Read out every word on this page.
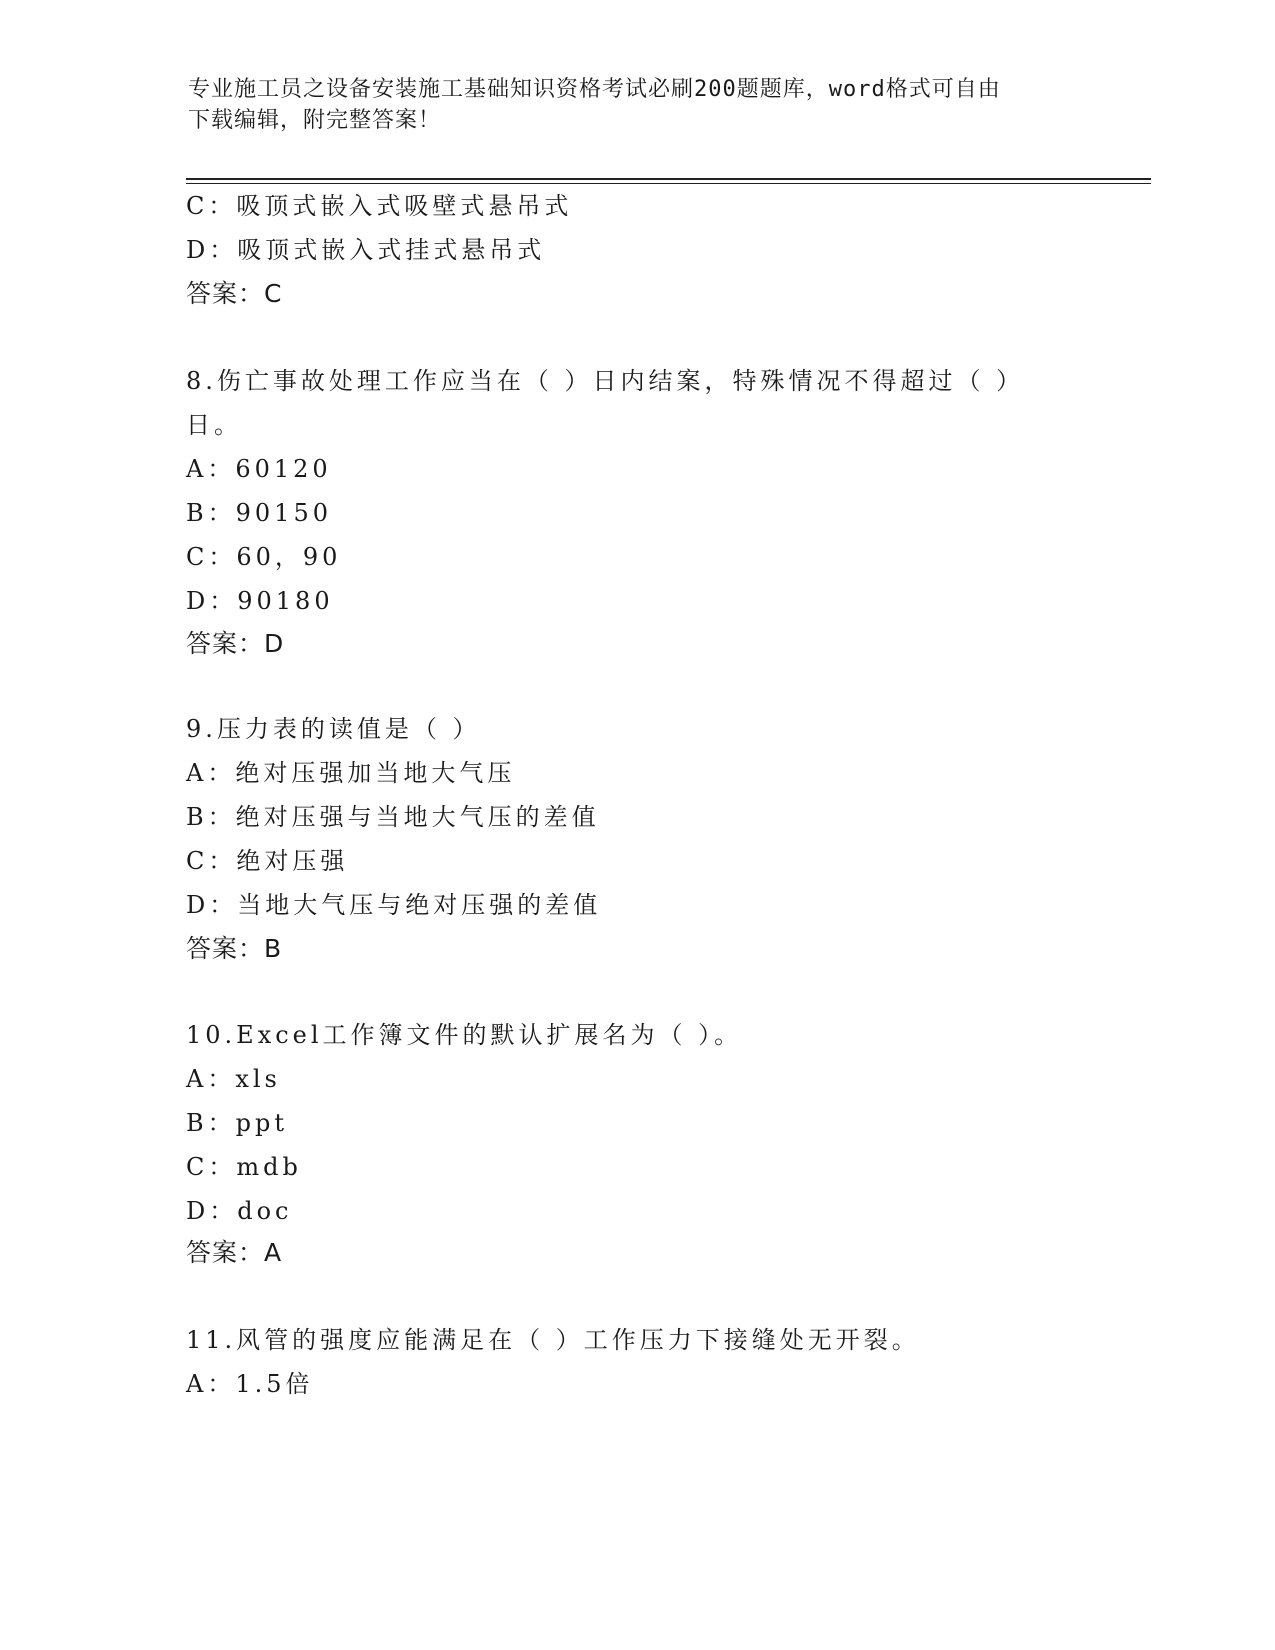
专业施工员之设备安装施工基础知识资格考试必刷200题题库，word格式可自由
下载编辑，附完整答案！
C：吸顶式嵌入式吸壁式悬吊式
D：吸顶式嵌入式挂式悬吊式
答案：C
8.伤亡事故处理工作应当在（ ）日内结案，特殊情况不得超过（ ）
日。
A：60120
B：90150
C：60，90
D：90180
答案：D
9.压力表的读值是（ ）
A：绝对压强加当地大气压
B：绝对压强与当地大气压的差值
C：绝对压强
D：当地大气压与绝对压强的差值
答案：B
10.Excel工作簿文件的默认扩展名为（ ）。
A：xls
B：ppt
C：mdb
D：doc
答案：A
11.风管的强度应能满足在（ ）工作压力下接缝处无开裂。
A：1.5倍
